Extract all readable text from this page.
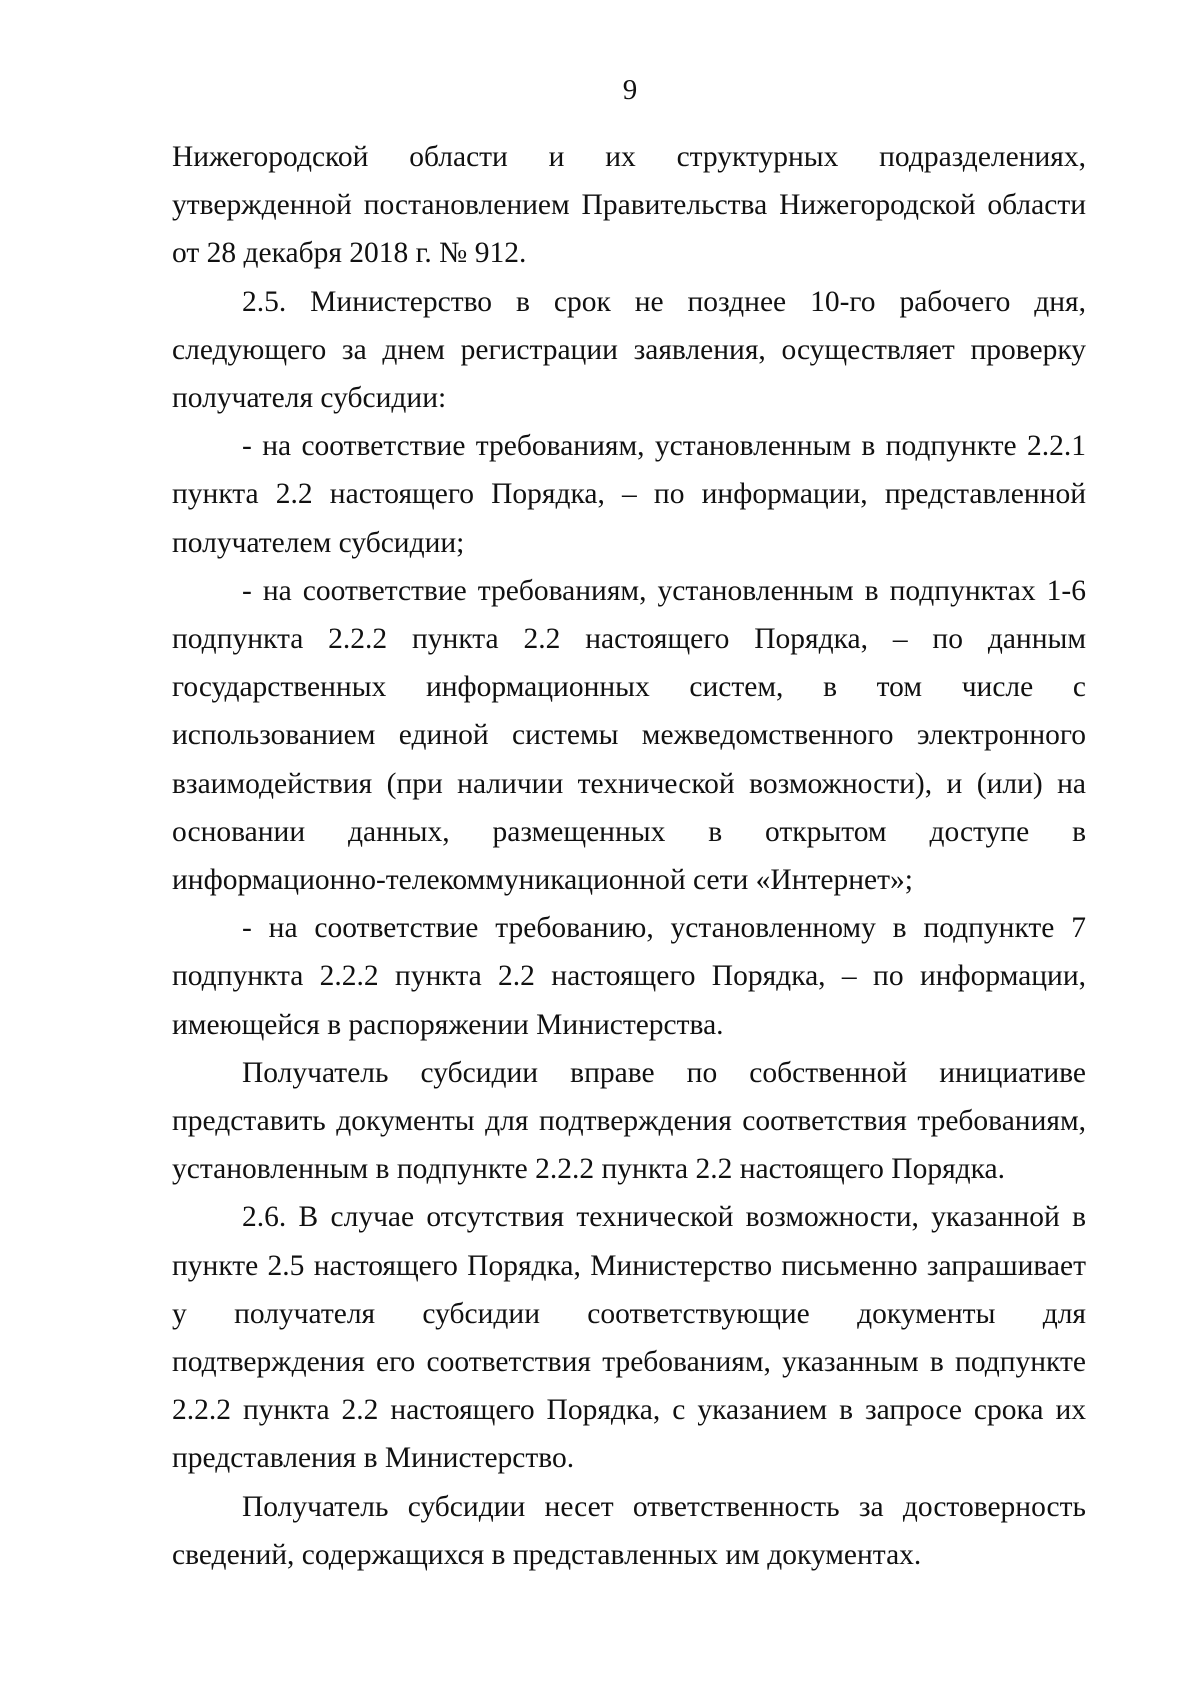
9

Нижегородской области и их структурных подразделениях, утвержденной постановлением Правительства Нижегородской области от 28 декабря 2018 г. № 912.

2.5. Министерство в срок не позднее 10-го рабочего дня, следующего за днем регистрации заявления, осуществляет проверку получателя субсидии:

- на соответствие требованиям, установленным в подпункте 2.2.1 пункта 2.2 настоящего Порядка, – по информации, представленной получателем субсидии;

- на соответствие требованиям, установленным в подпунктах 1-6 подпункта 2.2.2 пункта 2.2 настоящего Порядка, – по данным государственных информационных систем, в том числе с использованием единой системы межведомственного электронного взаимодействия (при наличии технической возможности), и (или) на основании данных, размещенных в открытом доступе в информационно-телекоммуникационной сети «Интернет»;

- на соответствие требованию, установленному в подпункте 7 подпункта 2.2.2 пункта 2.2 настоящего Порядка, – по информации, имеющейся в распоряжении Министерства.

Получатель субсидии вправе по собственной инициативе представить документы для подтверждения соответствия требованиям, установленным в подпункте 2.2.2 пункта 2.2 настоящего Порядка.

2.6. В случае отсутствия технической возможности, указанной в пункте 2.5 настоящего Порядка, Министерство письменно запрашивает у получателя субсидии соответствующие документы для подтверждения его соответствия требованиям, указанным в подпункте 2.2.2 пункта 2.2 настоящего Порядка, с указанием в запросе срока их представления в Министерство.

Получатель субсидии несет ответственность за достоверность сведений, содержащихся в представленных им документах.
